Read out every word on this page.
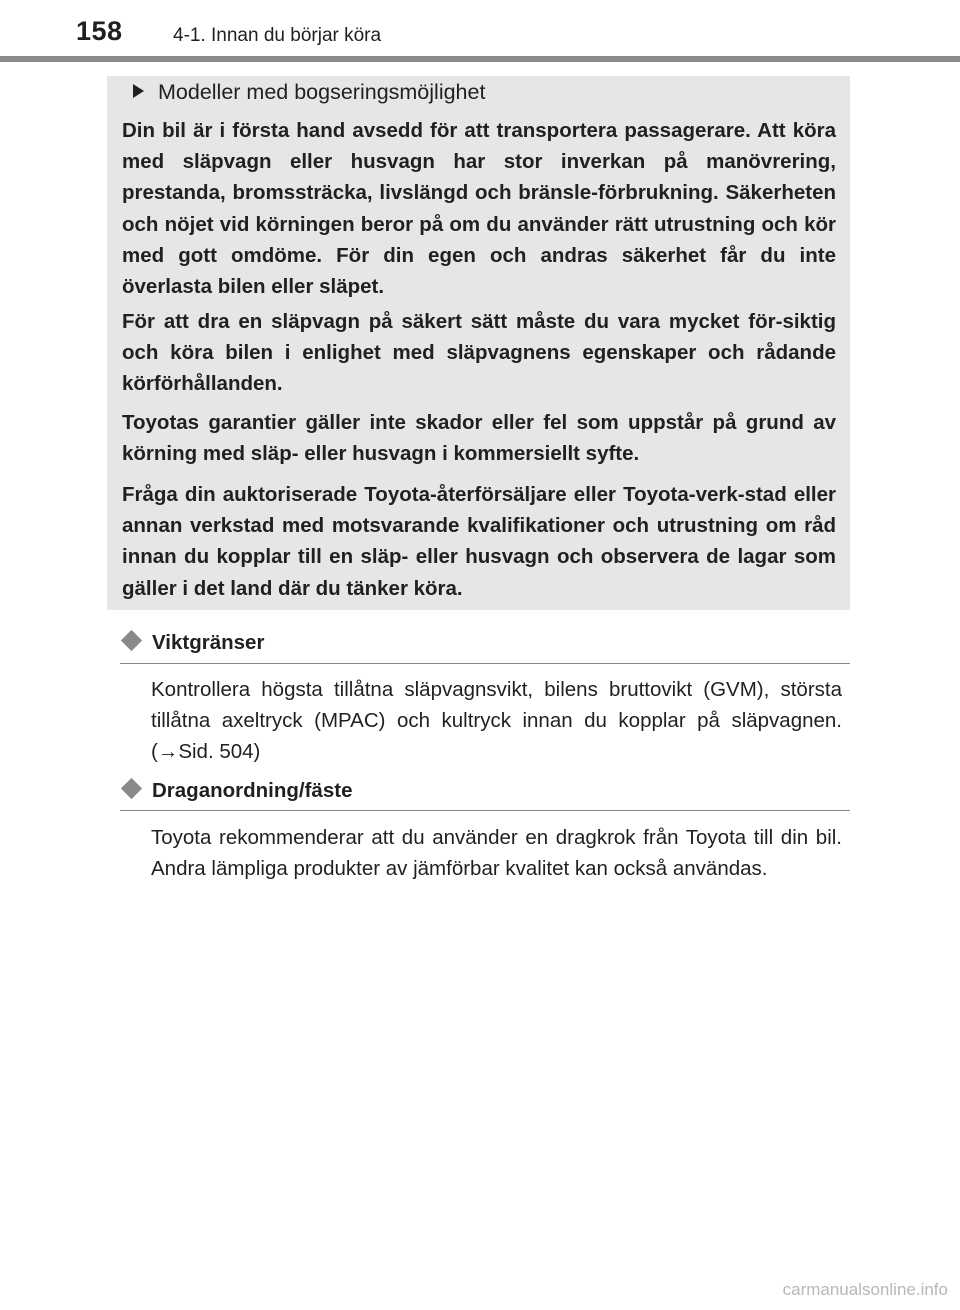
158	4-1. Innan du börjar köra
Modeller med bogseringsmöjlighet

Din bil är i första hand avsedd för att transportera passagerare. Att köra med släpvagn eller husvagn har stor inverkan på manövrering, prestanda, bromssträcka, livslängd och bränsle-förbrukning. Säkerheten och nöjet vid körningen beror på om du använder rätt utrustning och kör med gott omdöme. För din egen och andras säkerhet får du inte överlasta bilen eller släpet.

För att dra en släpvagn på säkert sätt måste du vara mycket för-siktig och köra bilen i enlighet med släpvagnens egenskaper och rådande körförhållanden.

Toyotas garantier gäller inte skador eller fel som uppstår på grund av körning med släp- eller husvagn i kommersiellt syfte.

Fråga din auktoriserade Toyota-återförsäljare eller Toyota-verk-stad eller annan verkstad med motsvarande kvalifikationer och utrustning om råd innan du kopplar till en släp- eller husvagn och observera de lagar som gäller i det land där du tänker köra.

Viktgränser

Kontrollera högsta tillåtna släpvagnsvikt, bilens bruttovikt (GVM), största tillåtna axeltryck (MPAC) och kultryck innan du kopplar på släpvagnen. (→Sid. 504)

Draganordning/fäste

Toyota rekommenderar att du använder en dragkrok från Toyota till din bil. Andra lämpliga produkter av jämförbar kvalitet kan också användas.

carmanualsonline.info
